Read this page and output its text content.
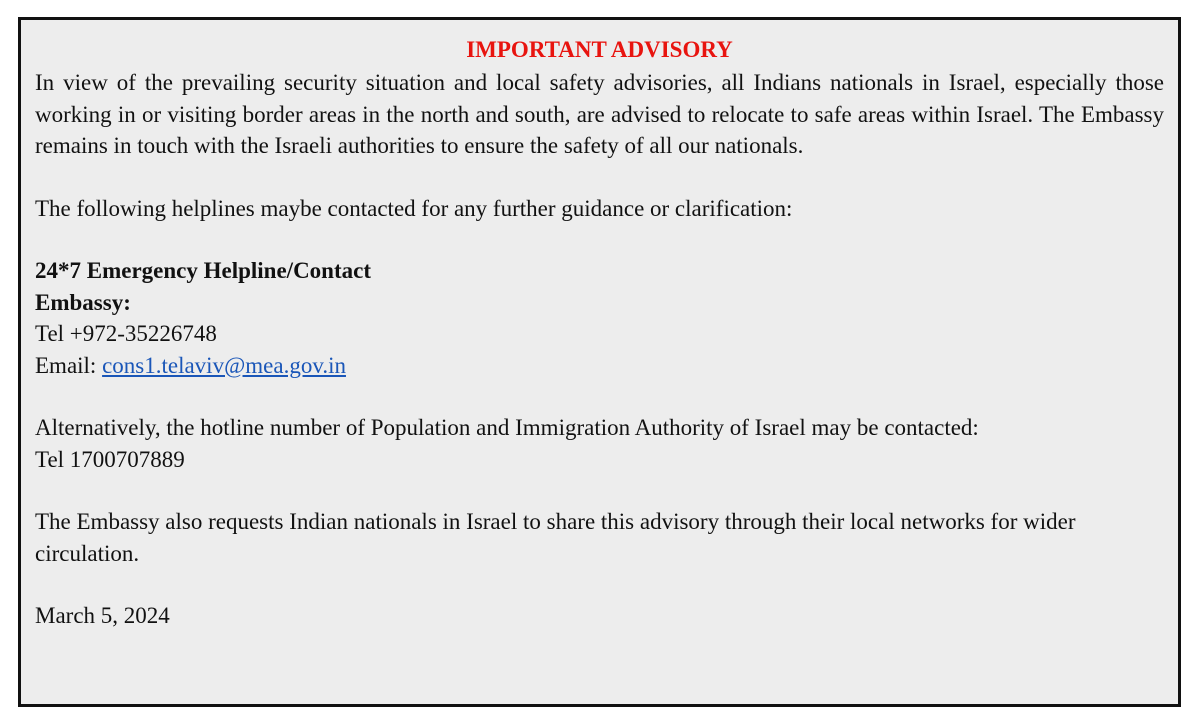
IMPORTANT ADVISORY

In view of the prevailing security situation and local safety advisories, all Indians nationals in Israel, especially those working in or visiting border areas in the north and south, are advised to relocate to safe areas within Israel. The Embassy remains in touch with the Israeli authorities to ensure the safety of all our nationals.

The following helplines maybe contacted for any further guidance or clarification:

24*7 Emergency Helpline/Contact

Embassy:

Tel +972-35226748

Email: cons1.telaviv@mea.gov.in

Alternatively, the hotline number of Population and Immigration Authority of Israel may be contacted:

Tel 1700707889

The Embassy also requests Indian nationals in Israel to share this advisory through their local networks for wider circulation.

March 5, 2024
